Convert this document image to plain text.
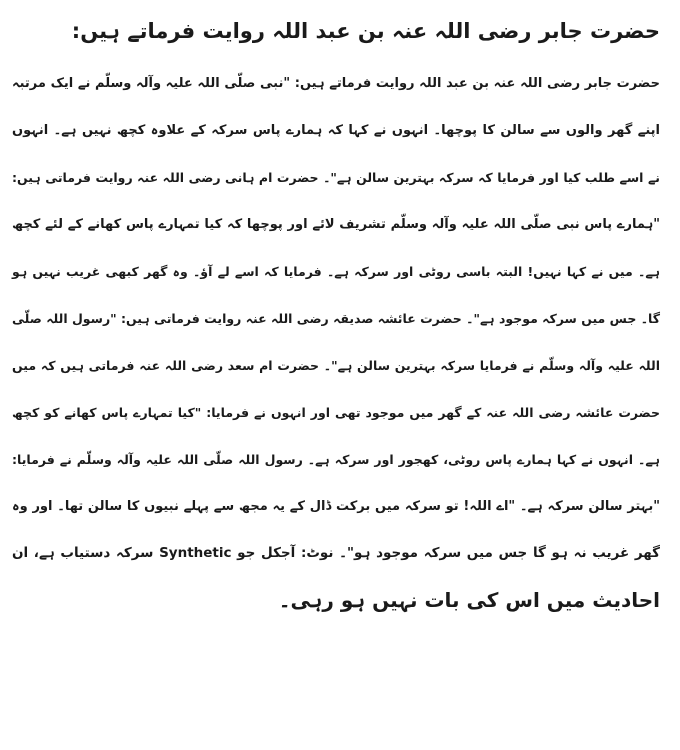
حضرت جابر رضی اللہ عنہ بن عبد اللہ روایت فرماتے ہیں:
حضرت جابر رضی اللہ عنہ بن عبد اللہ روایت فرماتے ہیں: "نبی صلّی اللہ علیہ وآلہ وسلّم نے ایک مرتبہ
اپنے گھر والوں سے سالن کا پوچھا۔ انہوں نے کہا کہ ہمارے پاس سرکہ کے علاوہ کچھ نہیں ہے۔ انہوں
نے اسے طلب کیا اور فرمایا کہ سرکہ بہترین سالن ہے"۔ حضرت ام ہانی رضی اللہ عنہ روایت فرماتی ہیں:
"ہمارے پاس نبی صلّی اللہ علیہ وآلہ وسلّم تشریف لائے اور پوچھا کہ کیا تمہارے پاس کھانے کے لئے کچھ
ہے۔ میں نے کہا نہیں! البتہ باسی روٹی اور سرکہ ہے۔ فرمایا کہ اسے لے آؤ۔ وہ گھر کبھی غریب نہیں ہو
گا۔ جس میں سرکہ موجود ہے"۔ حضرت عائشہ صدیقہ رضی اللہ عنہ روایت فرماتی ہیں: "رسول اللہ صلّی
اللہ علیہ وآلہ وسلّم نے فرمایا سرکہ بہترین سالن ہے"۔ حضرت ام سعد رضی اللہ عنہ فرماتی ہیں کہ میں
حضرت عائشہ رضی اللہ عنہ کے گھر میں موجود تھی اور انہوں نے فرمایا: "کیا تمہارے پاس کھانے کو کچھ
ہے۔ انہوں نے کہا ہمارے پاس روٹی، کھجور اور سرکہ ہے۔ رسول اللہ صلّی اللہ علیہ وآلہ وسلّم نے فرمایا:
"بہتر سالن سرکہ ہے۔ "اے اللہ! تو سرکہ میں برکت ڈال کے یہ مجھ سے پہلے نبیوں کا سالن تھا۔ اور وہ
گھر غریب نہ ہو گا جس میں سرکہ موجود ہو"۔ نوٹ: آجکل جو Synthetic سرکہ دستیاب ہے، ان
احادیث میں اس کی بات نہیں ہو رہی۔
